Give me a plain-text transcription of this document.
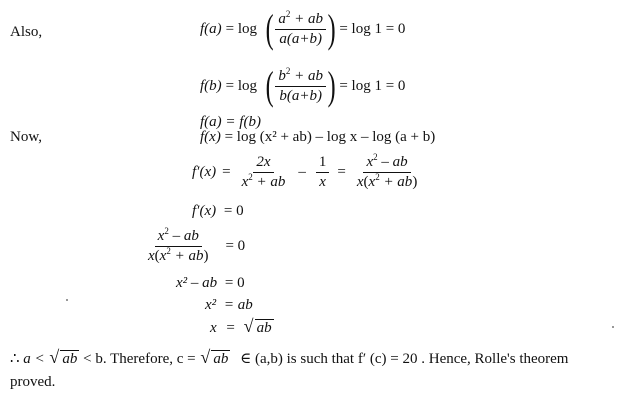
Also,
Now,
f(a) = log ( $\frac{a^2 + ab}{a(a+b)}$ ) = log 1 = 0
f(b) = log ( $\frac{b^2 + ab}{b(a+b)}$ ) = log 1 = 0
f(a) = f(b)
f(x) = log (x² + ab) – log x – log (a + b)
$f'(x) = \frac{2x}{x^2 + ab} - \frac{1}{x} = \frac{x^2 - ab}{x(x^2 + ab)}$
f′(x) = 0
$\frac{x^2 - ab}{x(x^2 + ab)} = 0$
x² – ab = 0
x² = ab
x = √ ab
∴ a < √ ab < b. Therefore, c = √ ab ∈ (a,b) is such that f′ (c) = 20 . Hence, Rolle's theorem
proved.
